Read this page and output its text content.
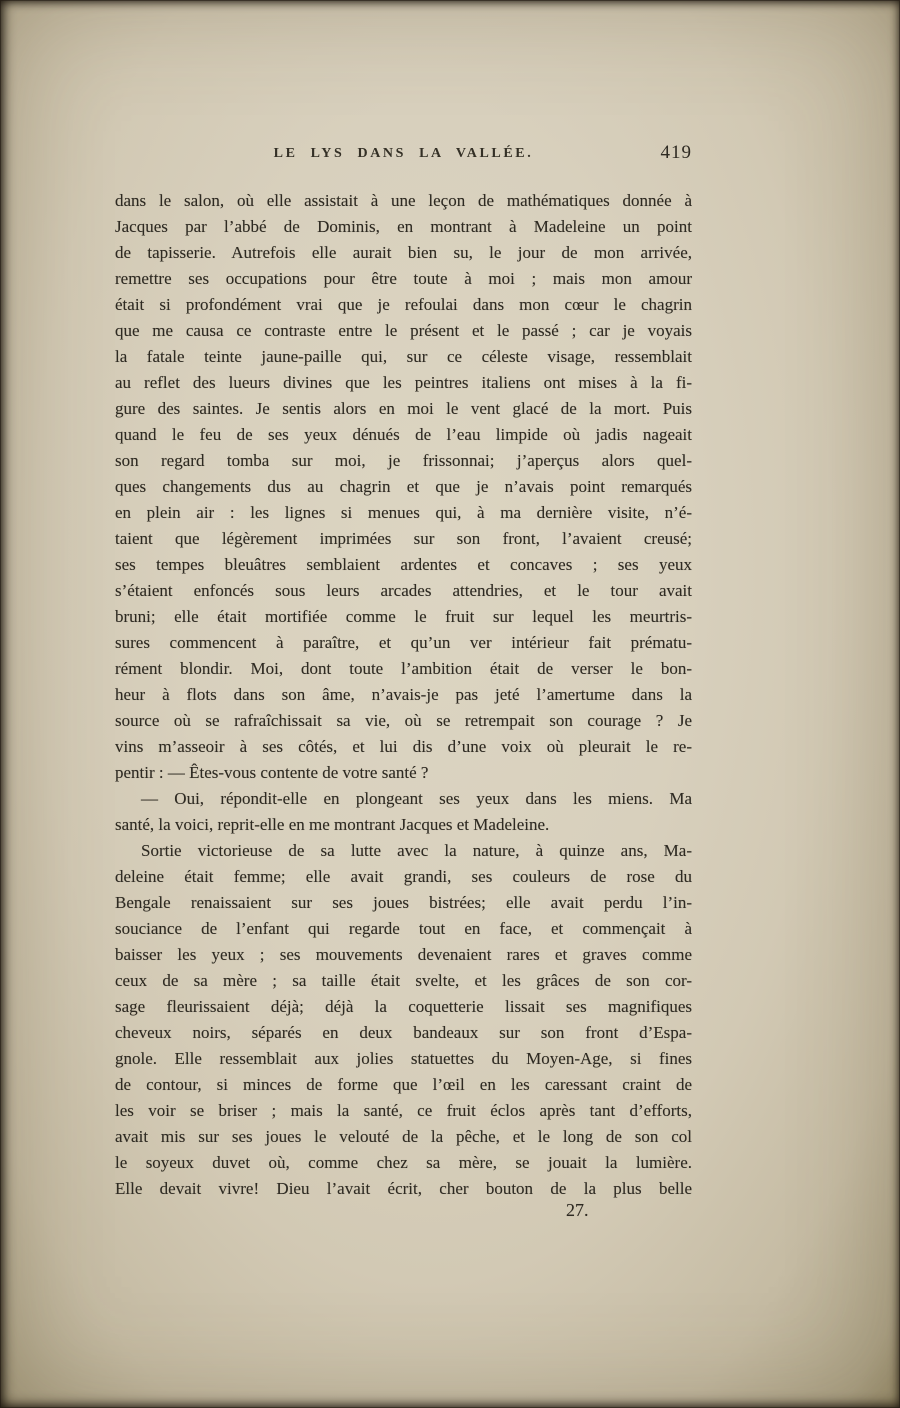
LE LYS DANS LA VALLÉE.	419

dans le salon, où elle assistait à une leçon de mathématiques donnée à
Jacques par l’abbé de Dominis, en montrant à Madeleine un point
de tapisserie. Autrefois elle aurait bien su, le jour de mon arrivée,
remettre ses occupations pour être toute à moi ; mais mon amour
était si profondément vrai que je refoulai dans mon cœur le chagrin
que me causa ce contraste entre le présent et le passé ; car je voyais
la fatale teinte jaune-paille qui, sur ce céleste visage, ressemblait
au reflet des lueurs divines que les peintres italiens ont mises à la fi-
gure des saintes. Je sentis alors en moi le vent glacé de la mort. Puis
quand le feu de ses yeux dénués de l’eau limpide où jadis nageait
son regard tomba sur moi, je frissonnai; j’aperçus alors quel-
ques changements dus au chagrin et que je n’avais point remarqués
en plein air : les lignes si menues qui, à ma dernière visite, n’é-
taient que légèrement imprimées sur son front, l’avaient creusé;
ses tempes bleuâtres semblaient ardentes et concaves ; ses yeux
s’étaient enfoncés sous leurs arcades attendries, et le tour avait
bruni; elle était mortifiée comme le fruit sur lequel les meurtris-
sures commencent à paraître, et qu’un ver intérieur fait prématu-
rément blondir. Moi, dont toute l’ambition était de verser le bon-
heur à flots dans son âme, n’avais-je pas jeté l’amertume dans la
source où se rafraîchissait sa vie, où se retrempait son courage ? Je
vins m’asseoir à ses côtés, et lui dis d’une voix où pleurait le re-
pentir : — Êtes-vous contente de votre santé ?

— Oui, répondit-elle en plongeant ses yeux dans les miens. Ma
santé, la voici, reprit-elle en me montrant Jacques et Madeleine.

Sortie victorieuse de sa lutte avec la nature, à quinze ans, Ma-
deleine était femme; elle avait grandi, ses couleurs de rose du
Bengale renaissaient sur ses joues bistrées; elle avait perdu l’in-
souciance de l’enfant qui regarde tout en face, et commençait à
baisser les yeux ; ses mouvements devenaient rares et graves comme
ceux de sa mère ; sa taille était svelte, et les grâces de son cor-
sage fleurissaient déjà; déjà la coquetterie lissait ses magnifiques
cheveux noirs, séparés en deux bandeaux sur son front d’Espa-
gnole. Elle ressemblait aux jolies statuettes du Moyen-Age, si fines
de contour, si minces de forme que l’œil en les caressant craint de
les voir se briser ; mais la santé, ce fruit éclos après tant d’efforts,
avait mis sur ses joues le velouté de la pêche, et le long de son col
le soyeux duvet où, comme chez sa mère, se jouait la lumière.
Elle devait vivre! Dieu l’avait écrit, cher bouton de la plus belle

27.
